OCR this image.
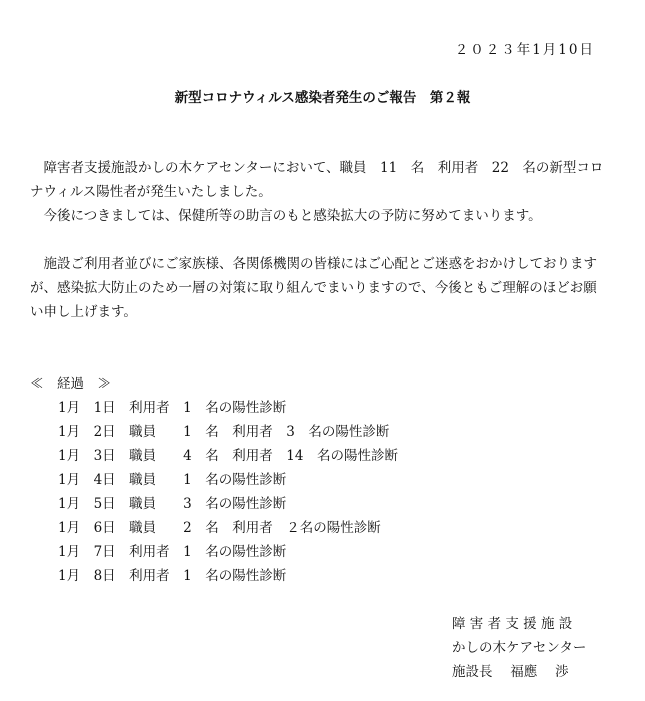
２０２３年1月10日
新型コロナウィルス感染者発生のご報告　第２報

　障害者支援施設かしの木ケアセンターにおいて、職員　11　名　利用者　22　名の新型コロナウィルス陽性者が発生いたしました。

　今後につきましては、保健所等の助言のもと感染拡大の予防に努めてまいります。

　施設ご利用者並びにご家族様、各関係機関の皆様にはご心配とご迷惑をおかけしておりますが、感染拡大防止のため一層の対策に取り組んでまいりますので、今後ともご理解のほどお願い申し上げます。

≪　経過　≫
1月　1日　利用者　1　名の陽性診断
1月　2日　職員　　1　名　利用者　3　名の陽性診断
1月　3日　職員　　4　名　利用者　14　名の陽性診断
1月　4日　職員　　1　名の陽性診断
1月　5日　職員　　3　名の陽性診断
1月　6日　職員　　2　名　利用者　２名の陽性診断
1月　7日　利用者　1　名の陽性診断
1月　8日　利用者　1　名の陽性診断
障 害 者 支 援 施 設
かしの木ケアセンター
施設長　 福應　 渉
